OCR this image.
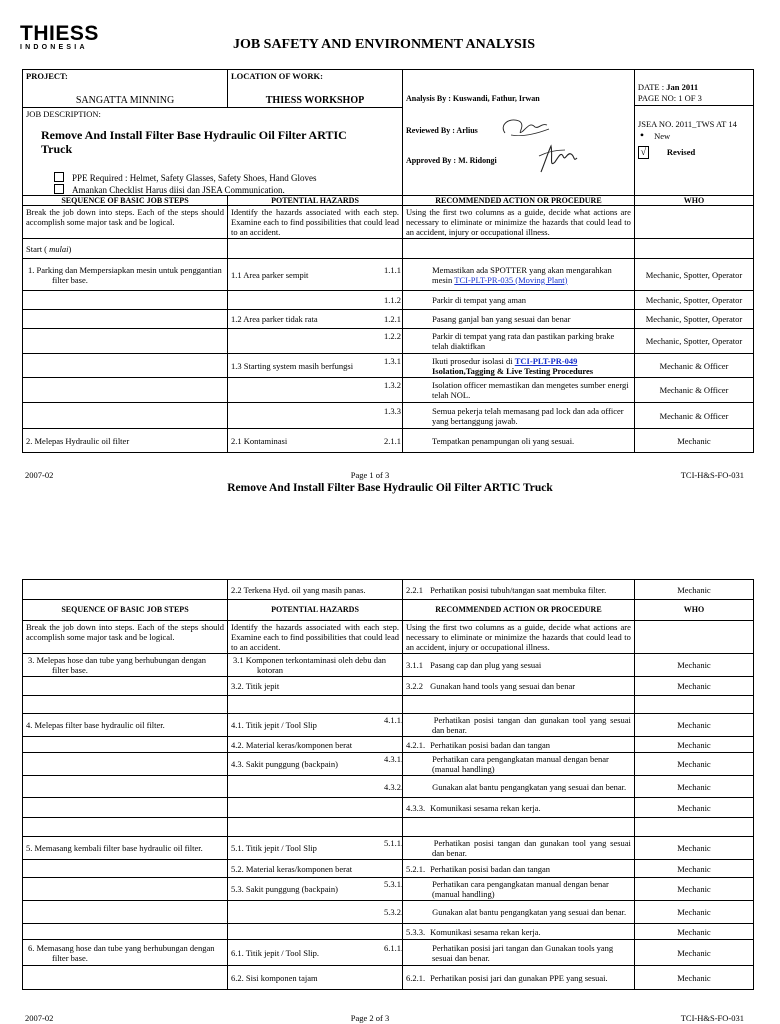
THIESS
INDONESIA	JOB SAFETY AND ENVIRONMENT ANALYSIS
PROJECT:
SANGATTA MINNING

LOCATION OF WORK:
THIESS WORKSHOP	Analysis By : Kuswandi, Fathur, Irwan
Reviewed By : Arlius
Approved By : M. Ridongi

DATE : Jan 2011
PAGE NO: 1 OF 3
JSEA NO. 2011_TWS AT 14
• New
√ Revised

JOB DESCRIPTION:
Remove And Install Filter Base Hydraulic Oil Filter ARTIC Truck
PPE Required : Helmet, Safety Glasses, Safety Shoes, Hand Gloves
Amankan Checklist Harus diisi dan JSEA Communication.
SEQUENCE OF BASIC JOB STEPS	POTENTIAL HAZARDS	RECOMMENDED ACTION OR PROCEDURE	WHO
Break the job down into steps. Each of the steps should accomplish some major task and be logical.	Identify the hazards associated with each step. Examine each to find possibilities that could lead to an accident.	Using the first two columns as a guide, decide what actions are necessary to eliminate or minimize the hazards that could lead to an accident, injury or occupational illness.	
Start ( mulai)			

1. Parking dan Mempersiapkan mesin untuk penggantian filter base.	1.1 Area parker sempit	1.1.1 Memastikan ada SPOTTER yang akan mengarahkan mesin TCI-PLT-PR-035 (Moving Plant)	Mechanic, Spotter, Operator

		1.1.2 Parkir di tempat yang aman	Mechanic, Spotter, Operator
	1.2 Area parker tidak rata	1.2.1 Pasang ganjal ban yang sesuai dan benar	Mechanic, Spotter, Operator

		1.2.2 Parkir di tempat yang rata dan pastikan parking brake telah diaktifkan	Mechanic, Spotter, Operator
	1.3 Starting system masih berfungsi	1.3.1 Ikuti prosedur isolasi di TCI-PLT-PR-049 Isolation,Tagging & Live Testing Procedures	Mechanic & Officer

		1.3.2 Isolation officer memastikan dan mengetes sumber energi telah NOL.	Mechanic & Officer

		1.3.3 Semua pekerja telah memasang pad lock dan ada officer yang bertanggung jawab.	Mechanic & Officer
2. Melepas Hydraulic oil filter	2.1 Kontaminasi	2.1.1 Tempatkan penampungan oli yang sesuai.	Mechanic
2007-02	Page 1 of 3	TCI-H&S-FO-031
Remove And Install Filter Base Hydraulic Oil Filter ARTIC Truck
	2.2 Terkena Hyd. oil yang masih panas.	2.2.1 Perhatikan posisi tubuh/tangan saat membuka filter.	Mechanic
SEQUENCE OF BASIC JOB STEPS	POTENTIAL HAZARDS	RECOMMENDED ACTION OR PROCEDURE	WHO
Break the job down into steps. Each of the steps should accomplish some major task and be logical.	Identify the hazards associated with each step. Examine each to find possibilities that could lead to an accident.	Using the first two columns as a guide, decide what actions are necessary to eliminate or minimize the hazards that could lead to an accident, injury or occupational illness.	

3. Melepas hose dan tube yang berhubungan dengan filter base.	3.1 Komponen terkontaminasi oleh debu dan kotoran	3.1.1 Pasang cap dan plug yang sesuai	Mechanic
	3.2. Titik jepit	3.2.2 Gunakan hand tools yang sesuai dan benar	Mechanic

4. Melepas filter base hydraulic oil filter.	4.1. Titik jepit / Tool Slip	4.1.1. Perhatikan posisi tangan dan gunakan tool yang sesuai dan benar.	Mechanic
	4.2. Material keras/komponen berat	4.2.1. Perhatikan posisi badan dan tangan	Mechanic
	4.3. Sakit punggung (backpain)	4.3.1. Perhatikan cara pengangkatan manual dengan benar (manual handling)	Mechanic

		4.3.2. Gunakan alat bantu pengangkatan yang sesuai dan benar.	Mechanic
		4.3.3. Komunikasi sesama rekan kerja.	Mechanic

5. Memasang kembali filter base hydraulic oil filter.	5.1. Titik jepit / Tool Slip	5.1.1. Perhatikan posisi tangan dan gunakan tool yang sesuai dan benar.	Mechanic
	5.2. Material keras/komponen berat	5.2.1. Perhatikan posisi badan dan tangan	Mechanic
	5.3. Sakit punggung (backpain)	5.3.1. Perhatikan cara pengangkatan manual dengan benar (manual handling)	Mechanic

		5.3.2. Gunakan alat bantu pengangkatan yang sesuai dan benar.	Mechanic
		5.3.3. Komunikasi sesama rekan kerja.	Mechanic

6. Memasang hose dan tube yang berhubungan dengan filter base.	6.1. Titik jepit / Tool Slip.	6.1.1. Perhatikan posisi jari tangan dan Gunakan tools yang sesuai dan benar.	Mechanic
	6.2. Sisi komponen tajam	6.2.1. Perhatikan posisi jari dan gunakan PPE yang sesuai.	Mechanic
2007-02	Page 2 of 3	TCI-H&S-FO-031
